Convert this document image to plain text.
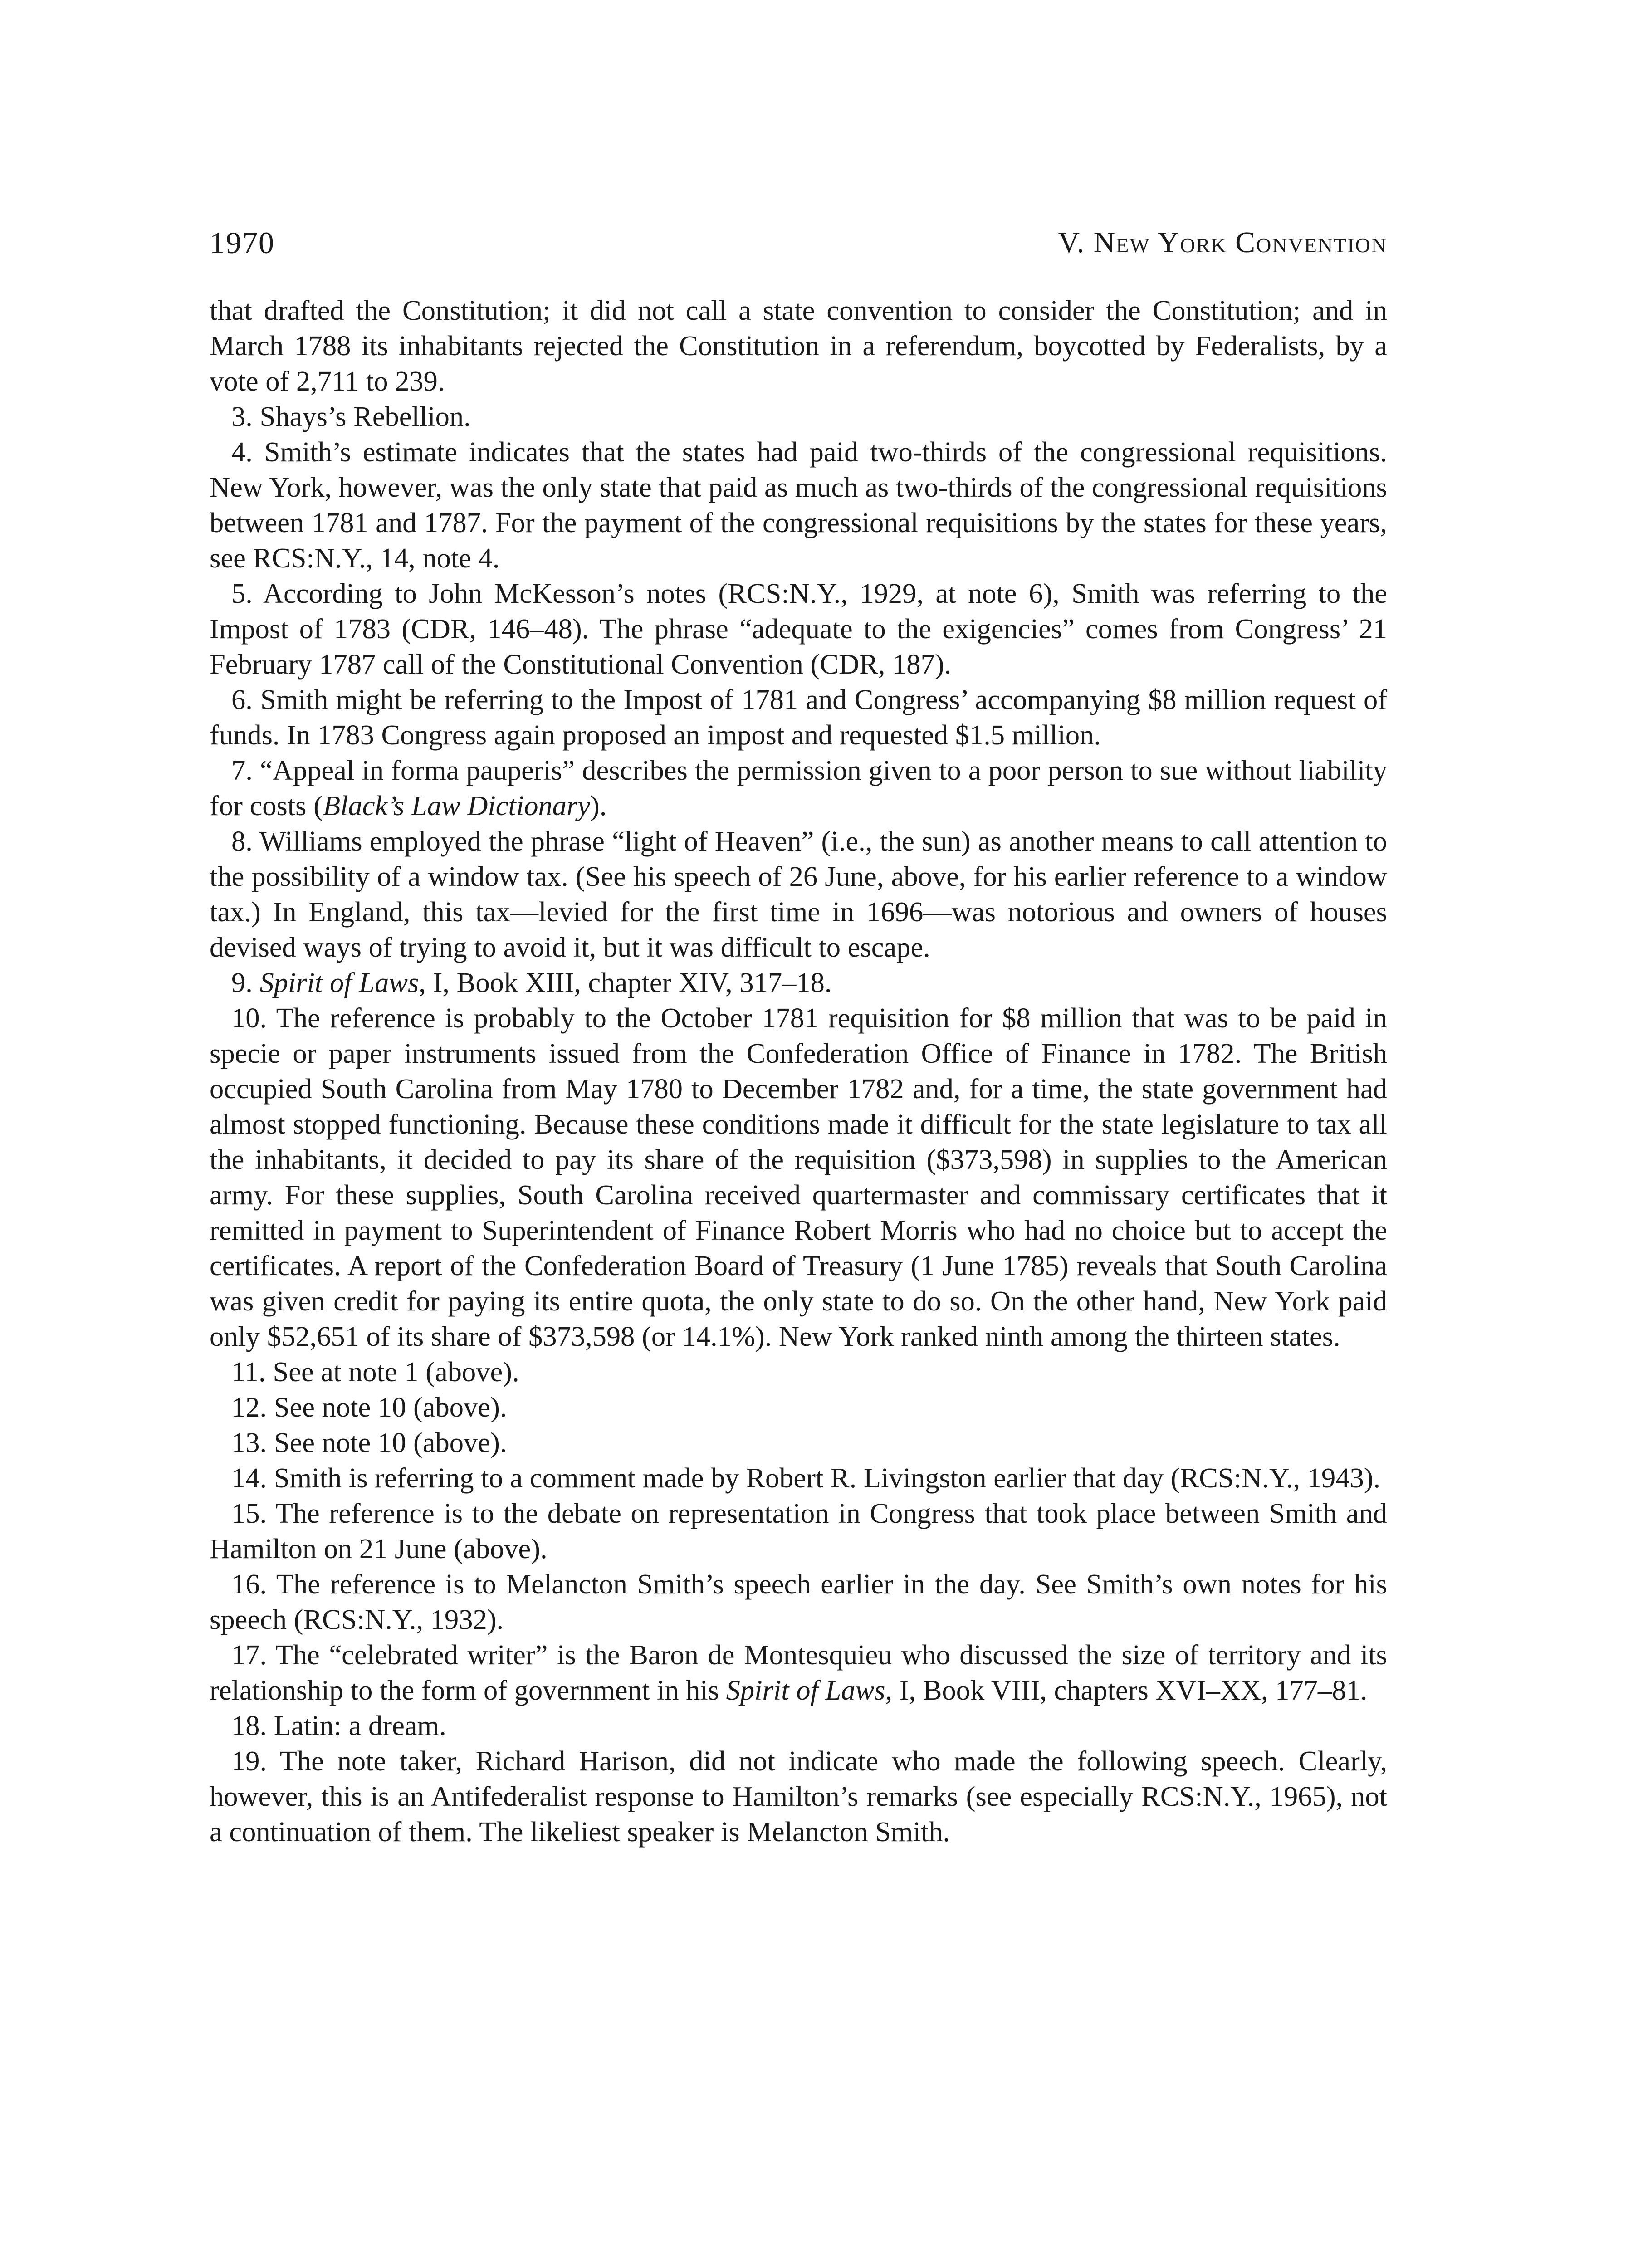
1970	V. New York Convention

that drafted the Constitution; it did not call a state convention to consider the Constitution; and in March 1788 its inhabitants rejected the Constitution in a referendum, boycotted by Federalists, by a vote of 2,711 to 239.

3. Shays’s Rebellion.

4. Smith’s estimate indicates that the states had paid two-thirds of the congressional requisitions. New York, however, was the only state that paid as much as two-thirds of the congressional requisitions between 1781 and 1787. For the payment of the congressional requisitions by the states for these years, see RCS:N.Y., 14, note 4.

5. According to John McKesson’s notes (RCS:N.Y., 1929, at note 6), Smith was referring to the Impost of 1783 (CDR, 146–48). The phrase “adequate to the exigencies” comes from Congress’ 21 February 1787 call of the Constitutional Convention (CDR, 187).

6. Smith might be referring to the Impost of 1781 and Congress’ accompanying $8 million request of funds. In 1783 Congress again proposed an impost and requested $1.5 million.

7. “Appeal in forma pauperis” describes the permission given to a poor person to sue without liability for costs (Black’s Law Dictionary).

8. Williams employed the phrase “light of Heaven” (i.e., the sun) as another means to call attention to the possibility of a window tax. (See his speech of 26 June, above, for his earlier reference to a window tax.) In England, this tax—levied for the first time in 1696—was notorious and owners of houses devised ways of trying to avoid it, but it was difficult to escape.

9. Spirit of Laws, I, Book XIII, chapter XIV, 317–18.

10. The reference is probably to the October 1781 requisition for $8 million that was to be paid in specie or paper instruments issued from the Confederation Office of Finance in 1782. The British occupied South Carolina from May 1780 to December 1782 and, for a time, the state government had almost stopped functioning. Because these conditions made it difficult for the state legislature to tax all the inhabitants, it decided to pay its share of the requisition ($373,598) in supplies to the American army. For these supplies, South Carolina received quartermaster and commissary certificates that it remitted in payment to Superintendent of Finance Robert Morris who had no choice but to accept the certificates. A report of the Confederation Board of Treasury (1 June 1785) reveals that South Carolina was given credit for paying its entire quota, the only state to do so. On the other hand, New York paid only $52,651 of its share of $373,598 (or 14.1%). New York ranked ninth among the thirteen states.

11. See at note 1 (above).

12. See note 10 (above).

13. See note 10 (above).

14. Smith is referring to a comment made by Robert R. Livingston earlier that day (RCS:N.Y., 1943).

15. The reference is to the debate on representation in Congress that took place between Smith and Hamilton on 21 June (above).

16. The reference is to Melancton Smith’s speech earlier in the day. See Smith’s own notes for his speech (RCS:N.Y., 1932).

17. The “celebrated writer” is the Baron de Montesquieu who discussed the size of territory and its relationship to the form of government in his Spirit of Laws, I, Book VIII, chapters XVI–XX, 177–81.

18. Latin: a dream.

19. The note taker, Richard Harison, did not indicate who made the following speech. Clearly, however, this is an Antifederalist response to Hamilton’s remarks (see especially RCS:N.Y., 1965), not a continuation of them. The likeliest speaker is Melancton Smith.
